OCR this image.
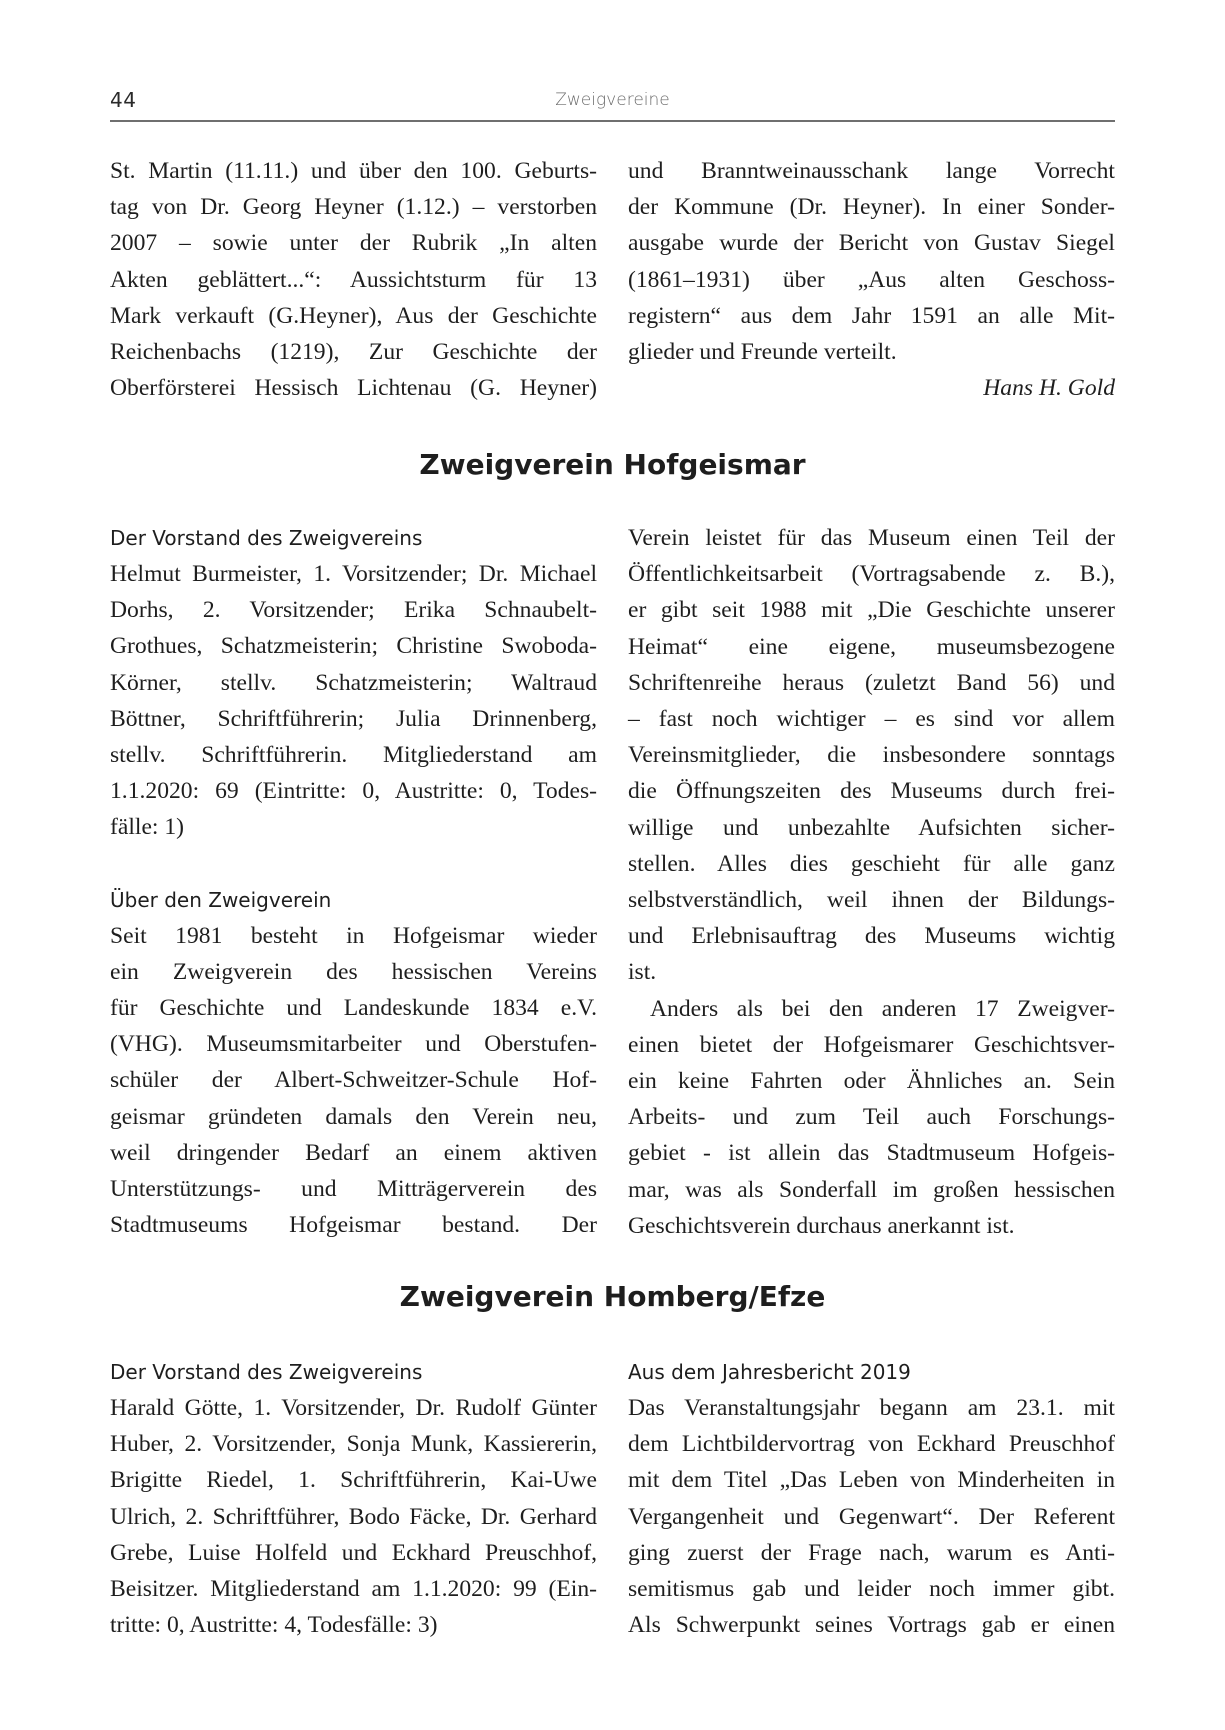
44	Zweigvereine

St. Martin (11.11.) und über den 100. Geburts-

tag von Dr. Georg Heyner (1.12.) – verstorben

2007 – sowie unter der Rubrik „In alten

Akten geblättert...“: Aussichtsturm für 13

Mark verkauft (G.Heyner), Aus der Geschichte

Reichenbachs (1219), Zur Geschichte der

Oberförsterei Hessisch Lichtenau (G. Heyner)

und Branntweinausschank lange Vorrecht

der Kommune (Dr. Heyner). In einer Sonder-

ausgabe wurde der Bericht von Gustav Siegel

(1861–1931) über „Aus alten Geschoss-

registern“ aus dem Jahr 1591 an alle Mit-

glieder und Freunde verteilt.

Hans H. Gold

Zweigverein Hofgeismar

Der Vorstand des Zweigvereins

Helmut Burmeister, 1. Vorsitzender; Dr. Michael

Dorhs, 2. Vorsitzender; Erika Schnaubelt-

Grothues, Schatzmeisterin; Christine Swoboda-

Körner, stellv. Schatzmeisterin; Waltraud

Böttner, Schriftführerin; Julia Drinnenberg,

stellv. Schriftführerin. Mitgliederstand am

1.1.2020: 69 (Eintritte: 0, Austritte: 0, Todes-

fälle: 1)

Über den Zweigverein

Seit 1981 besteht in Hofgeismar wieder

ein Zweigverein des hessischen Vereins

für Geschichte und Landeskunde 1834 e.V.

(VHG). Museumsmitarbeiter und Oberstufen-

schüler der Albert-Schweitzer-Schule Hof-

geismar gründeten damals den Verein neu,

weil dringender Bedarf an einem aktiven

Unterstützungs- und Mitträgerverein des

Stadtmuseums Hofgeismar bestand. Der

Verein leistet für das Museum einen Teil der

Öffentlichkeitsarbeit (Vortragsabende z. B.),

er gibt seit 1988 mit „Die Geschichte unserer

Heimat“ eine eigene, museumsbezogene

Schriftenreihe heraus (zuletzt Band 56) und

– fast noch wichtiger – es sind vor allem

Vereinsmitglieder, die insbesondere sonntags

die Öffnungszeiten des Museums durch frei-

willige und unbezahlte Aufsichten sicher-

stellen. Alles dies geschieht für alle ganz

selbstverständlich, weil ihnen der Bildungs-

und Erlebnisauftrag des Museums wichtig

ist.

Anders als bei den anderen 17 Zweigver-

einen bietet der Hofgeismarer Geschichtsver-

ein keine Fahrten oder Ähnliches an. Sein

Arbeits- und zum Teil auch Forschungs-

gebiet - ist allein das Stadtmuseum Hofgeis-

mar, was als Sonderfall im großen hessischen

Geschichtsverein durchaus anerkannt ist.

Zweigverein Homberg/Efze

Der Vorstand des Zweigvereins

Harald Götte, 1. Vorsitzender, Dr. Rudolf Günter

Huber, 2. Vorsitzender, Sonja Munk, Kassiererin,

Brigitte Riedel, 1. Schriftführerin, Kai-Uwe

Ulrich, 2. Schriftführer, Bodo Fäcke, Dr. Gerhard

Grebe, Luise Holfeld und Eckhard Preuschhof,

Beisitzer. Mitgliederstand am 1.1.2020: 99 (Ein-

tritte: 0, Austritte: 4, Todesfälle: 3)

Aus dem Jahresbericht 2019

Das Veranstaltungsjahr begann am 23.1. mit

dem Lichtbildervortrag von Eckhard Preuschhof

mit dem Titel „Das Leben von Minderheiten in

Vergangenheit und Gegenwart“. Der Referent

ging zuerst der Frage nach, warum es Anti-

semitismus gab und leider noch immer gibt.

Als Schwerpunkt seines Vortrags gab er einen
